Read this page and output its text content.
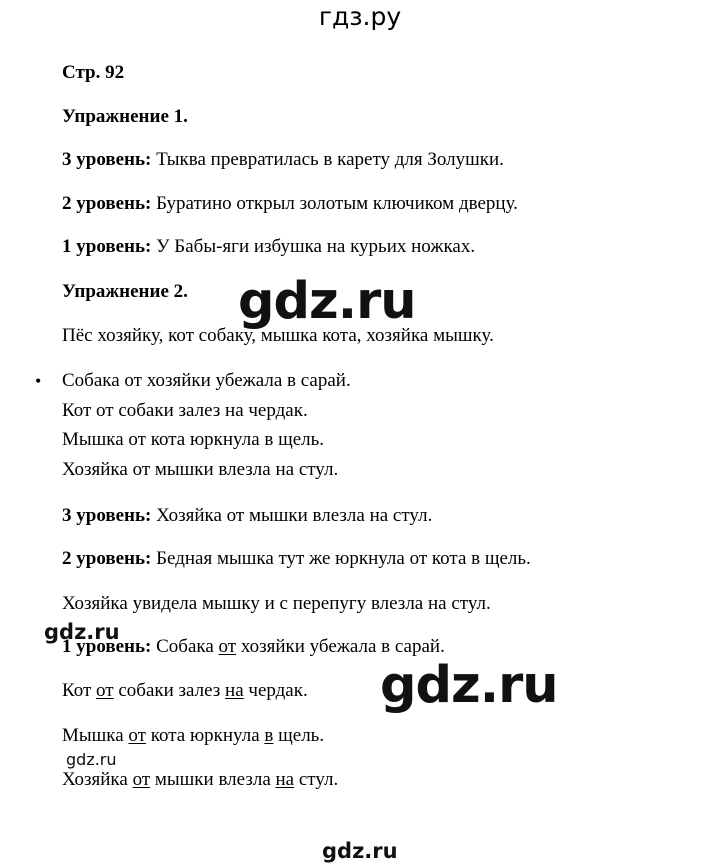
гдз.ру
Стр. 92
Упражнение 1.
3 уровень: Тыква превратилась в карету для Золушки.
2 уровень: Буратино открыл золотым ключиком дверцу.
1 уровень: У Бабы-яги избушка на курьих ножках.
Упражнение 2.
Пёс хозяйку, кот собаку, мышка кота, хозяйка мышку.
• Собака от хозяйки убежала в сарай.
Кот от собаки залез на чердак.
Мышка от кота юркнула в щель.
Хозяйка от мышки влезла на стул.
3 уровень: Хозяйка от мышки влезла на стул.
2 уровень: Бедная мышка тут же юркнула от кота в щель.
Хозяйка увидела мышку и с перепугу влезла на стул.
1 уровень: Собака от хозяйки убежала в сарай.
Кот от собаки залез на чердак.
Мышка от кота юркнула в щель.
Хозяйка от мышки влезла на стул.
gdz.ru
gdz.ru
gdz.ru
gdz.ru
gdz.ru
